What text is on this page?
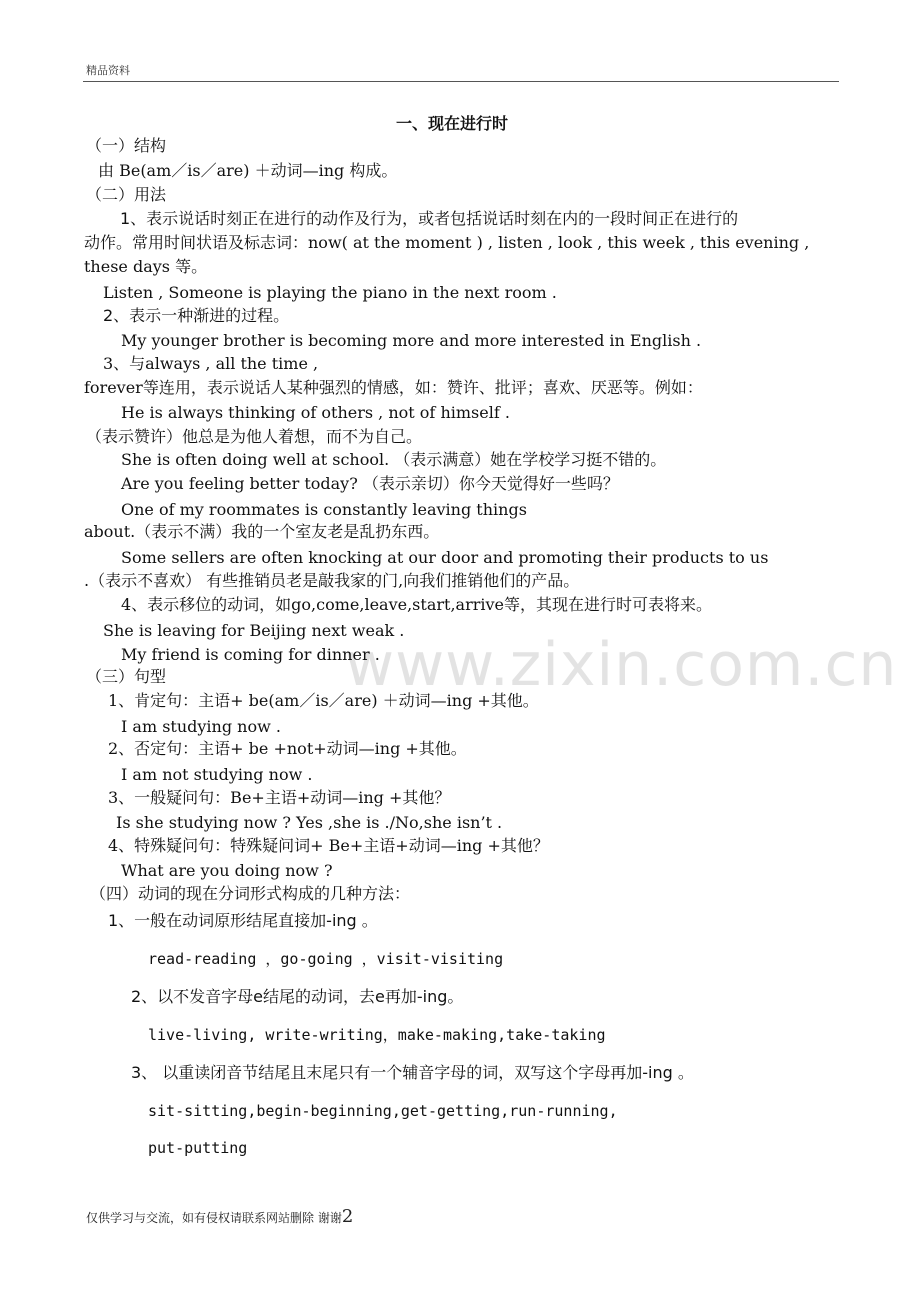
精品资料
www.zixin.com.cn
一、现在进行时
（一）结构
由 Be(am／is／are) ＋动词—ing 构成。
（二）用法
1、表示说话时刻正在进行的动作及行为，或者包括说话时刻在内的一段时间正在进行的
动作。常用时间状语及标志词：now( at the moment ) , listen , look , this week , this evening ,
these days 等。
Listen , Someone is playing the piano in the next room .
2、表示一种渐进的过程。
My younger brother is becoming more and more interested in English .
3、与always , all the time ,
forever等连用，表示说话人某种强烈的情感，如：赞许、批评；喜欢、厌恶等。例如：
He is always thinking of others , not of himself .
（表示赞许）他总是为他人着想，而不为自己。
She is often doing well at school. （表示满意）她在学校学习挺不错的。
Are you feeling better today? （表示亲切）你今天觉得好一些吗？
One of my roommates is constantly leaving things
about.（表示不满）我的一个室友老是乱扔东西。
Some sellers are often knocking at our door and promoting their products to us
.（表示不喜欢） 有些推销员老是敲我家的门,向我们推销他们的产品。
4、表示移位的动词，如go,come,leave,start,arrive等，其现在进行时可表将来。
She is leaving for Beijing next weak .
My friend is coming for dinner .
（三）句型
1、肯定句：主语+ be(am／is／are) ＋动词—ing +其他。
I am studying now .
2、否定句：主语+ be +not+动词—ing +其他。
I am not studying now .
3、一般疑问句：Be+主语+动词—ing +其他？
Is she studying now ? Yes ,she is ./No,she isn’t .
4、特殊疑问句：特殊疑问词+ Be+主语+动词—ing +其他？
What are you doing now ?
（四）动词的现在分词形式构成的几种方法：
1、一般在动词原形结尾直接加-ing 。
read-reading ，go-going ，visit-visiting
2、以不发音字母e结尾的动词，去e再加-ing。
live-living, write-writing，make-making,take-taking
3、 以重读闭音节结尾且末尾只有一个辅音字母的词，双写这个字母再加-ing 。
sit-sitting,begin-beginning,get-getting,run-running,
put-putting
仅供学习与交流，如有侵权请联系网站删除 谢谢2
